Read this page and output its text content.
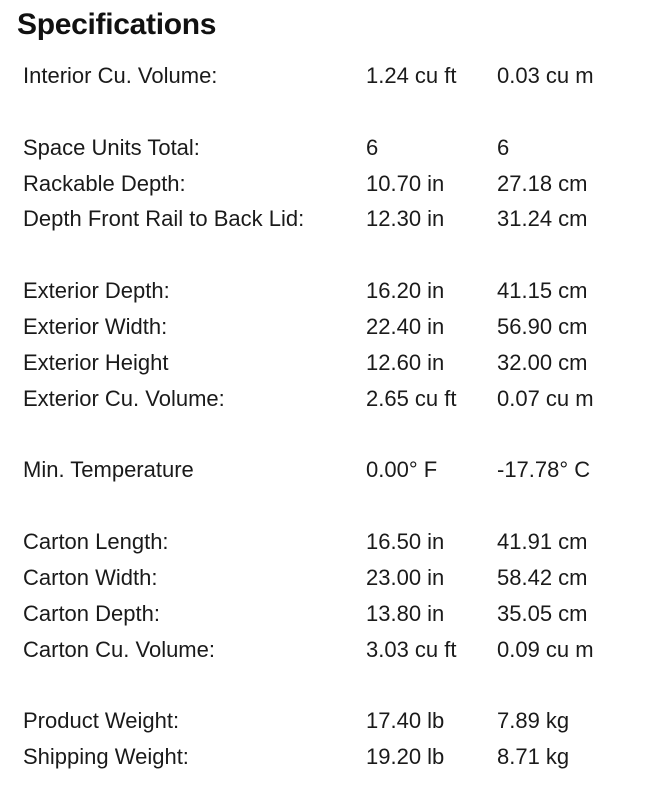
Specifications
Interior Cu. Volume:	1.24 cu ft	0.03 cu m
Space Units Total:	6	6
Rackable Depth:	10.70 in	27.18 cm
Depth Front Rail to Back Lid:	12.30 in	31.24 cm
Exterior Depth:	16.20 in	41.15 cm
Exterior Width:	22.40 in	56.90 cm
Exterior Height	12.60 in	32.00 cm
Exterior Cu. Volume:	2.65 cu ft	0.07 cu m
Min. Temperature	0.00° F	-17.78° C
Carton Length:	16.50 in	41.91 cm
Carton Width:	23.00 in	58.42 cm
Carton Depth:	13.80 in	35.05 cm
Carton Cu. Volume:	3.03 cu ft	0.09 cu m
Product Weight:	17.40 lb	7.89 kg
Shipping Weight:	19.20 lb	8.71 kg
